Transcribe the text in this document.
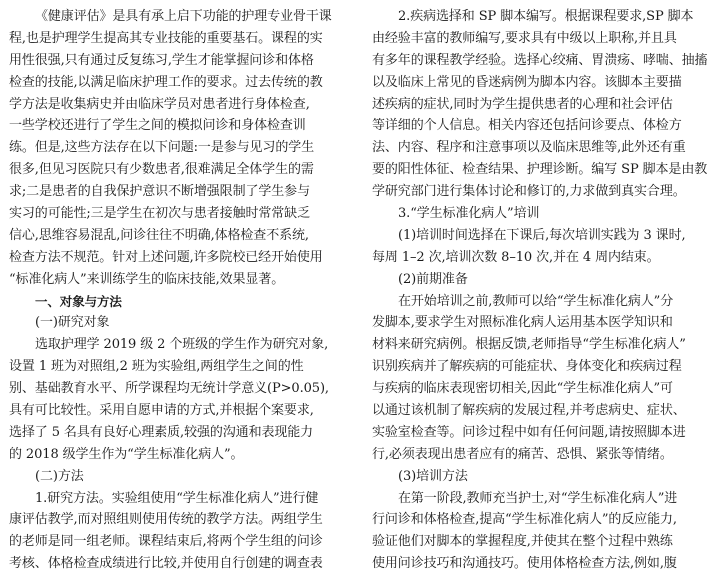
《健康评估》是具有承上启下功能的护理专业骨干课
程,也是护理学生提高其专业技能的重要基石。课程的实
用性很强,只有通过反复练习,学生才能掌握问诊和体格
检查的技能,以满足临床护理工作的要求。过去传统的教
学方法是收集病史并由临床学员对患者进行身体检查,
一些学校还进行了学生之间的模拟问诊和身体检查训
练。但是,这些方法存在以下问题:一是参与见习的学生
很多,但见习医院只有少数患者,很难满足全体学生的需
求;二是患者的自我保护意识不断增强限制了学生参与
实习的可能性;三是学生在初次与患者接触时常常缺乏
信心,思维容易混乱,问诊往往不明确,体格检查不系统,
检查方法不规范。针对上述问题,许多院校已经开始使用
“标准化病人”来训练学生的临床技能,效果显著。
一、对象与方法
(一)研究对象
选取护理学 2019 级 2 个班级的学生作为研究对象,
设置 1 班为对照组,2 班为实验组,两组学生之间的性
别、基础教育水平、所学课程均无统计学意义(P>0.05),
具有可比较性。采用自愿申请的方式,并根据个案要求,
选择了 5 名具有良好心理素质,较强的沟通和表现能力
的 2018 级学生作为“学生标准化病人”。
(二)方法
1.研究方法。实验组使用“学生标准化病人”进行健
康评估教学,而对照组则使用传统的教学方法。两组学生
的老师是同一组老师。课程结束后,将两个学生组的问诊
考核、体格检查成绩进行比较,并使用自行创建的调查表
2.疾病选择和 SP 脚本编写。根据课程要求,SP 脚本
由经验丰富的教师编写,要求具有中级以上职称,并且具
有多年的课程教学经验。选择心绞痛、胃溃疡、哮喘、抽搐
以及临床上常见的昏迷病例为脚本内容。该脚本主要描
述疾病的症状,同时为学生提供患者的心理和社会评估
等详细的个人信息。相关内容还包括问诊要点、体检方
法、内容、程序和注意事项以及临床思维等,此外还有重
要的阳性体征、检查结果、护理诊断。编写 SP 脚本是由教
学研究部门进行集体讨论和修订的,力求做到真实合理。
3.“学生标准化病人”培训
(1)培训时间选择在下课后,每次培训实践为 3 课时,
每周 1–2 次,培训次数 8–10 次,并在 4 周内结束。
(2)前期准备
在开始培训之前,教师可以给“学生标准化病人”分
发脚本,要求学生对照标准化病人运用基本医学知识和
材料来研究病例。根据反馈,老师指导“学生标准化病人”
识别疾病并了解疾病的可能症状、身体变化和疾病过程
与疾病的临床表现密切相关,因此“学生标准化病人”可
以通过该机制了解疾病的发展过程,并考虑病史、症状、
实验室检查等。问诊过程中如有任何问题,请按照脚本进
行,必须表现出患者应有的痛苦、恐惧、紧张等情绪。
(3)培训方法
在第一阶段,教师充当护士,对“学生标准化病人”进
行问诊和体格检查,提高“学生标准化病人”的反应能力,
验证他们对脚本的掌握程度,并使其在整个过程中熟练
使用问诊技巧和沟通技巧。使用体格检查方法,例如,腹
